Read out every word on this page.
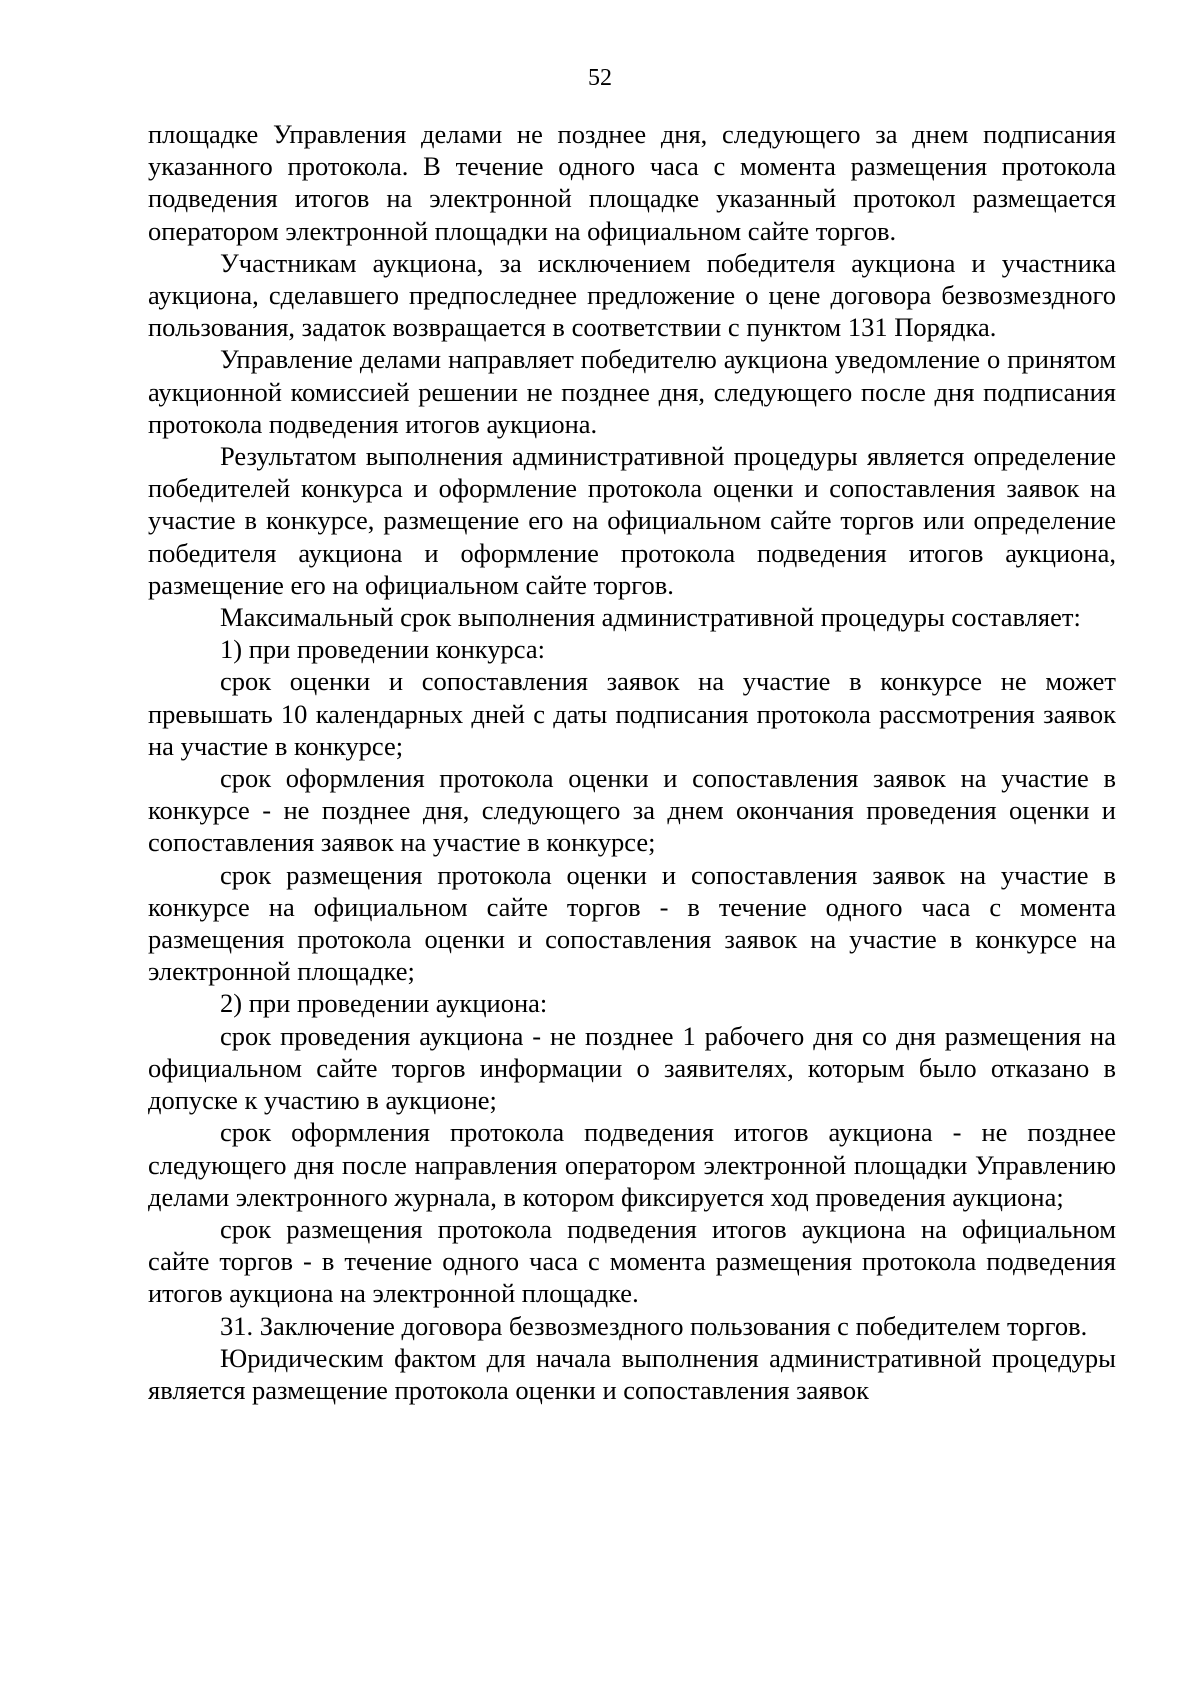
52

площадке Управления делами не позднее дня, следующего за днем подписания указанного протокола. В течение одного часа с момента размещения протокола подведения итогов на электронной площадке указанный протокол размещается оператором электронной площадки на официальном сайте торгов.

Участникам аукциона, за исключением победителя аукциона и участника аукциона, сделавшего предпоследнее предложение о цене договора безвозмездного пользования, задаток возвращается в соответствии с пунктом 131 Порядка.

Управление делами направляет победителю аукциона уведомление о принятом аукционной комиссией решении не позднее дня, следующего после дня подписания протокола подведения итогов аукциона.

Результатом выполнения административной процедуры является определение победителей конкурса и оформление протокола оценки и сопоставления заявок на участие в конкурсе, размещение его на официальном сайте торгов или определение победителя аукциона и оформление протокола подведения итогов аукциона, размещение его на официальном сайте торгов.

Максимальный срок выполнения административной процедуры составляет:

1) при проведении конкурса:

срок оценки и сопоставления заявок на участие в конкурсе не может превышать 10 календарных дней с даты подписания протокола рассмотрения заявок на участие в конкурсе;

срок оформления протокола оценки и сопоставления заявок на участие в конкурсе - не позднее дня, следующего за днем окончания проведения оценки и сопоставления заявок на участие в конкурсе;

срок размещения протокола оценки и сопоставления заявок на участие в конкурсе на официальном сайте торгов - в течение одного часа с момента размещения протокола оценки и сопоставления заявок на участие в конкурсе на электронной площадке;

2) при проведении аукциона:

срок проведения аукциона - не позднее 1 рабочего дня со дня размещения на официальном сайте торгов информации о заявителях, которым было отказано в допуске к участию в аукционе;

срок оформления протокола подведения итогов аукциона - не позднее следующего дня после направления оператором электронной площадки Управлению делами электронного журнала, в котором фиксируется ход проведения аукциона;

срок размещения протокола подведения итогов аукциона на официальном сайте торгов - в течение одного часа с момента размещения протокола подведения итогов аукциона на электронной площадке.

31. Заключение договора безвозмездного пользования с победителем торгов.

Юридическим фактом для начала выполнения административной процедуры является размещение протокола оценки и сопоставления заявок
